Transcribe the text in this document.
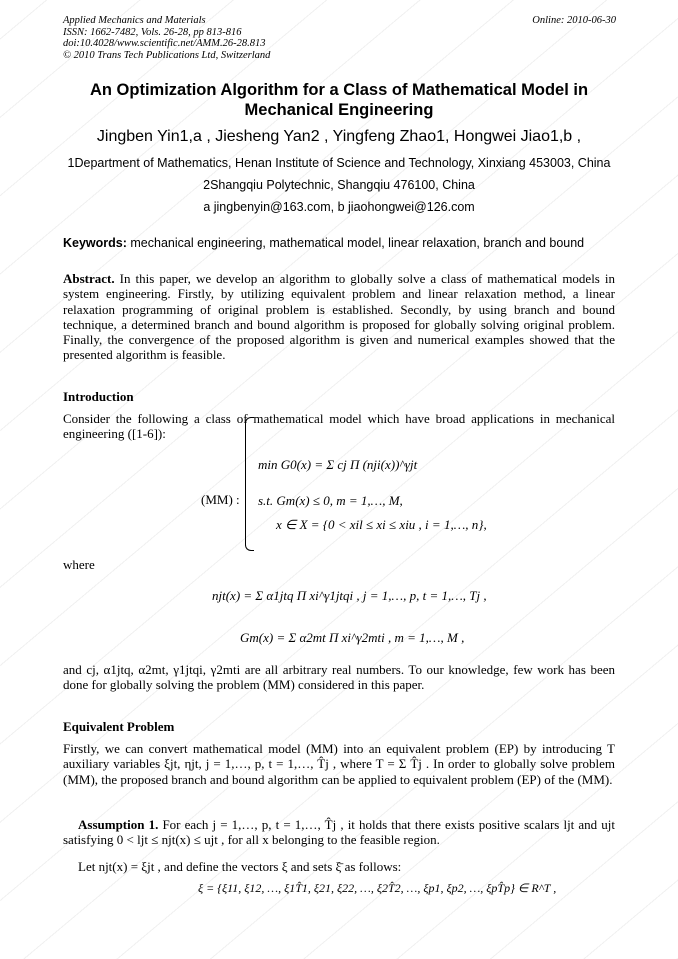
Applied Mechanics and Materials
ISSN: 1662-7482, Vols. 26-28, pp 813-816
doi:10.4028/www.scientific.net/AMM.26-28.813
© 2010 Trans Tech Publications Ltd, Switzerland
Online: 2010-06-30
An Optimization Algorithm for a Class of Mathematical Model in
Mechanical Engineering
Jingben Yin1,a , Jiesheng Yan2 , Yingfeng Zhao1, Hongwei Jiao1,b ,
1Department of Mathematics, Henan Institute of Science and Technology, Xinxiang 453003, China
2Shangqiu Polytechnic, Shangqiu 476100, China
a jingbenyin@163.com, b jiaohongwei@126.com
Keywords: mechanical engineering, mathematical model, linear relaxation, branch and bound
Abstract. In this paper, we develop an algorithm to globally solve a class of mathematical models in system engineering. Firstly, by utilizing equivalent problem and linear relaxation method, a linear relaxation programming of original problem is established. Secondly, by using branch and bound technique, a determined branch and bound algorithm is proposed for globally solving original problem. Finally, the convergence of the proposed algorithm is given and numerical examples showed that the presented algorithm is feasible.
Introduction
Consider the following a class of mathematical model which have broad applications in mechanical engineering ([1-6]):
(MM) :
min G0(x) = Σ cj Π (nji(x))^γjt
s.t. Gm(x) ≤ 0, m = 1,…, M,
x ∈ X = {0 < xil ≤ xi ≤ xiu , i = 1,…, n},
where
njt(x) = Σ α1jtq Π xi^γ1jtqi , j = 1,…, p, t = 1,…, Tj ,
Gm(x) = Σ α2mt Π xi^γ2mti , m = 1,…, M ,
and cj, α1jtq, α2mt, γ1jtqi, γ2mti are all arbitrary real numbers. To our knowledge, few work has been done for globally solving the problem (MM) considered in this paper.
Equivalent Problem
Firstly, we can convert mathematical model (MM) into an equivalent problem (EP) by introducing T auxiliary variables ξjt, ηjt, j = 1,…, p, t = 1,…, T̂j , where T = Σ T̂j . In order to globally solve problem (MM), the proposed branch and bound algorithm can be applied to equivalent problem (EP) of the (MM).
Assumption 1. For each j = 1,…, p, t = 1,…, T̂j , it holds that there exists positive scalars ljt and ujt satisfying 0 < ljt ≤ njt(x) ≤ ujt , for all x belonging to the feasible region.
Let njt(x) = ξjt , and define the vectors ξ and sets ξ̄ as follows:
ξ = {ξ11, ξ12, …, ξ1T̂1, ξ21, ξ22, …, ξ2T̂2, …, ξp1, ξp2, …, ξpT̂p} ∈ R^T ,
